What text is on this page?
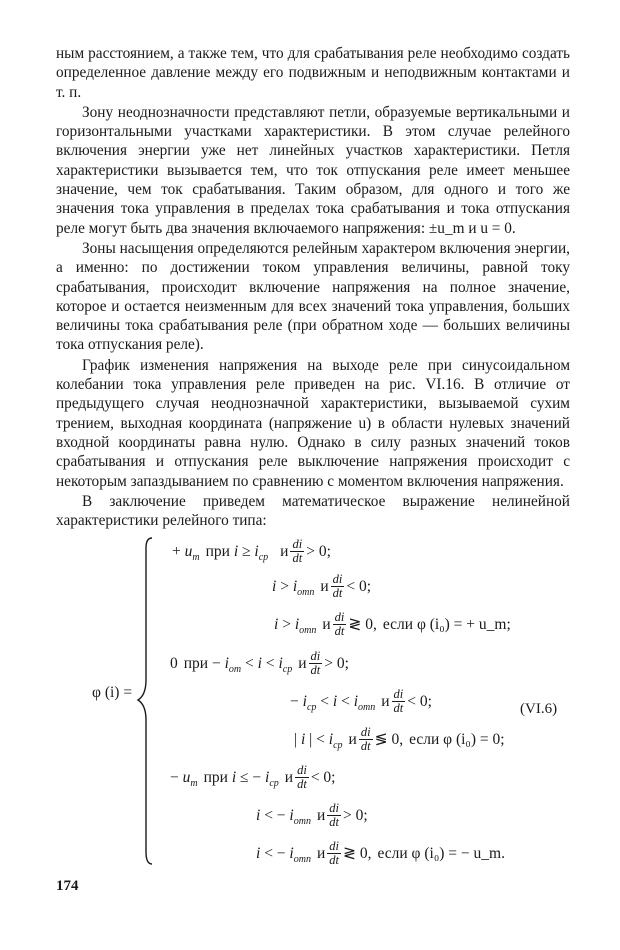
ным расстоянием, а также тем, что для срабатывания реле необходимо создать определенное давление между его подвижным и неподвижным контактами и т. п.

Зону неоднозначности представляют петли, образуемые вертикальными и горизонтальными участками характеристики. В этом случае релейного включения энергии уже нет линейных участков характеристики. Петля характеристики вызывается тем, что ток отпускания реле имеет меньшее значение, чем ток срабатывания. Таким образом, для одного и того же значения тока управления в пределах тока срабатывания и тока отпускания реле могут быть два значения включаемого напряжения: ±u_m и u = 0.

Зоны насыщения определяются релейным характером включения энергии, а именно: по достижении током управления величины, равной току срабатывания, происходит включение напряжения на полное значение, которое и остается неизменным для всех значений тока управления, больших величины тока срабатывания реле (при обратном ходе — больших величины тока отпускания реле).

График изменения напряжения на выходе реле при синусоидальном колебании тока управления реле приведен на рис. VI.16. В отличие от предыдущего случая неоднозначной характеристики, вызываемой сухим трением, выходная координата (напряжение u) в области нулевых значений входной координаты равна нулю. Однако в силу разных значений токов срабатывания и отпускания реле выключение напряжения происходит с некоторым запаздыванием по сравнению с моментом включения напряжения.

В заключение приведем математическое выражение нелинейной характеристики релейного типа:

φ (i) =
+ $u_m$ при $i \ge i_{ср}$ и $\frac{di}{dt} > 0$;
$i > i_{отп}$ и $\frac{di}{dt} < 0$;
$i > i_{отп}$ и $\frac{di}{dt}$ ≷ 0, если φ (i₀) = + u_m;
0 при − $i_{от} < i < i_{ср}$ и $\frac{di}{dt} > 0$;
− $i_{ср} < i < i_{отп}$ и $\frac{di}{dt} < 0$;	(VI.6)
| i | < $i_{ср}$ и $\frac{di}{dt}$ ≶ 0, если φ (i₀) = 0;
− $u_m$ при i ≤ − $i_{ср}$ и $\frac{di}{dt} < 0$;
i < − $i_{отп}$ и $\frac{di}{dt} > 0$;
i < − $i_{отп}$ и $\frac{di}{dt}$ ≷ 0, если φ (i₀) = − u_m.
174
